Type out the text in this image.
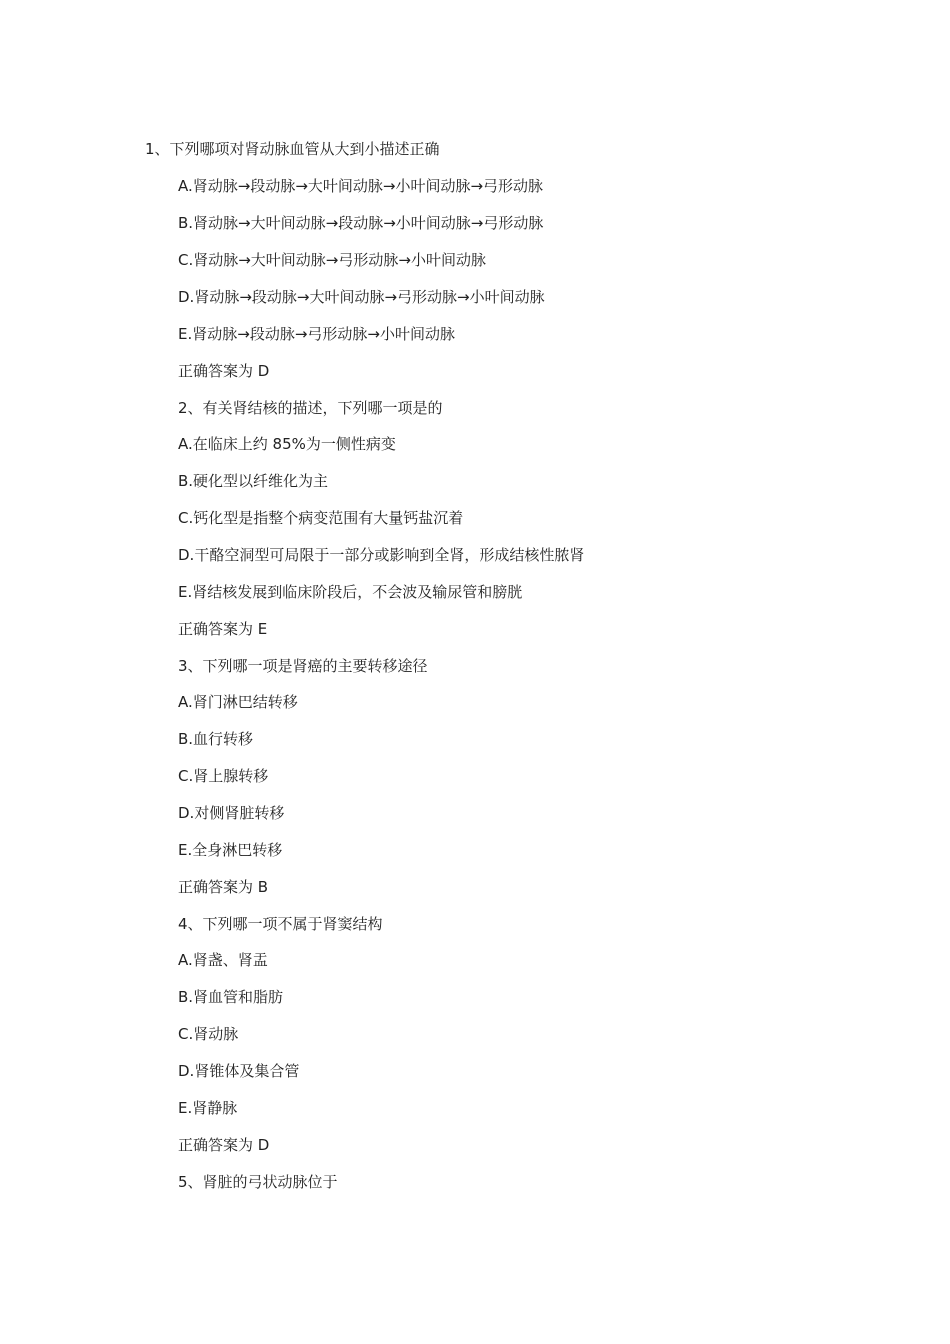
1、下列哪项对肾动脉血管从大到小描述正确
A.肾动脉→段动脉→大叶间动脉→小叶间动脉→弓形动脉
B.肾动脉→大叶间动脉→段动脉→小叶间动脉→弓形动脉
C.肾动脉→大叶间动脉→弓形动脉→小叶间动脉
D.肾动脉→段动脉→大叶间动脉→弓形动脉→小叶间动脉
E.肾动脉→段动脉→弓形动脉→小叶间动脉
正确答案为 D
2、有关肾结核的描述，下列哪一项是的
A.在临床上约 85%为一侧性病变
B.硬化型以纤维化为主
C.钙化型是指整个病变范围有大量钙盐沉着
D.干酪空洞型可局限于一部分或影响到全肾，形成结核性脓肾
E.肾结核发展到临床阶段后，不会波及输尿管和膀胱
正确答案为 E
3、下列哪一项是肾癌的主要转移途径
A.肾门淋巴结转移
B.血行转移
C.肾上腺转移
D.对侧肾脏转移
E.全身淋巴转移
正确答案为 B
4、下列哪一项不属于肾窦结构
A.肾盏、肾盂
B.肾血管和脂肪
C.肾动脉
D.肾锥体及集合管
E.肾静脉
正确答案为 D
5、肾脏的弓状动脉位于
